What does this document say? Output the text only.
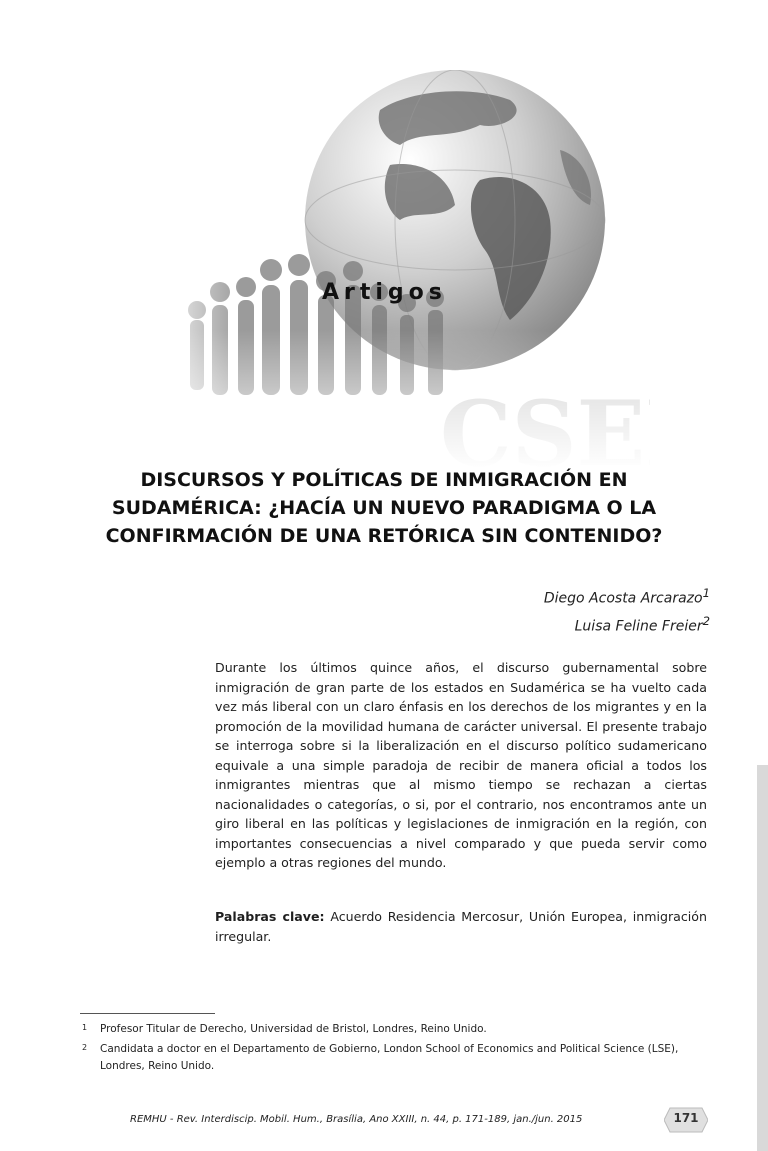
Artigos
DISCURSOS Y POLÍTICAS DE INMIGRACIÓN EN SUDAMÉRICA: ¿HACÍA UN NUEVO PARADIGMA O LA CONFIRMACIÓN DE UNA RETÓRICA SIN CONTENIDO?
Diego Acosta Arcarazo$^1$
Luisa Feline Freier$^2$

Durante los últimos quince años, el discurso gubernamental sobre inmigración de gran parte de los estados en Sudamérica se ha vuelto cada vez más liberal con un claro énfasis en los derechos de los migrantes y en la promoción de la movilidad humana de carácter universal. El presente trabajo se interroga sobre si la liberalización en el discurso político sudamericano equivale a una simple paradoja de recibir de manera oficial a todos los inmigrantes mientras que al mismo tiempo se rechazan a ciertas nacionalidades o categorías, o si, por el contrario, nos encontramos ante un giro liberal en las políticas y legislaciones de inmigración en la región, con importantes consecuencias a nivel comparado y que pueda servir como ejemplo a otras regiones del mundo.

Palabras clave: Acuerdo Residencia Mercosur, Unión Europea, inmigración irregular.

1	Profesor Titular de Derecho, Universidad de Bristol, Londres, Reino Unido.
2	Candidata a doctor en el Departamento de Gobierno, London School of Economics and Political Science (LSE), Londres, Reino Unido.
REMHU - Rev. Interdiscip. Mobil. Hum., Brasília, Ano XXIII, n. 44, p. 171-189, jan./jun. 2015	171
